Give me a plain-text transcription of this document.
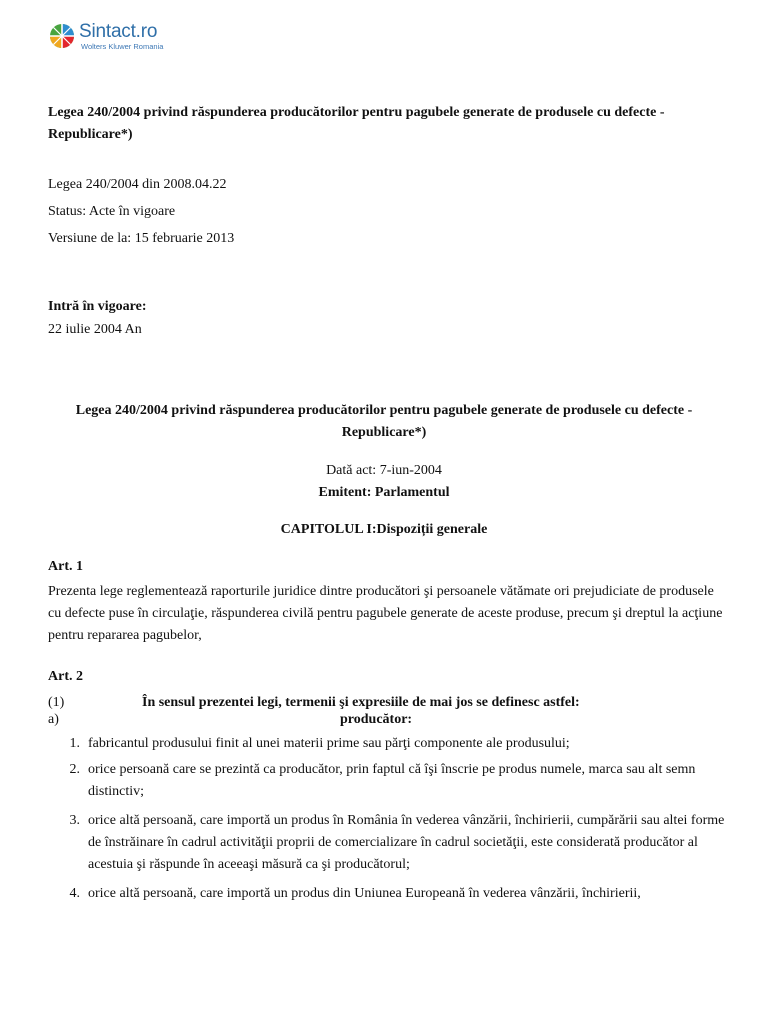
Sintact.ro
Wolters Kluwer Romania
Legea 240/2004 privind răspunderea producătorilor pentru pagubele generate de produsele cu defecte - Republicare*)
Legea 240/2004 din 2008.04.22
Status: Acte în vigoare
Versiune de la: 15 februarie 2013
Intră în vigoare:
22 iulie 2004 An
Legea 240/2004 privind răspunderea producătorilor pentru pagubele generate de produsele cu defecte - Republicare*)
Dată act: 7-iun-2004
Emitent: Parlamentul
CAPITOLUL I:Dispoziții generale
Art. 1
Prezenta lege reglementează raporturile juridice dintre producători şi persoanele vătămate ori prejudiciate de produsele cu defecte puse în circulaţie, răspunderea civilă pentru pagubele generate de aceste produse, precum şi dreptul la acţiune pentru repararea pagubelor,
Art. 2
(1)
a)
În sensul prezentei legi, termenii şi expresiile de mai jos se definesc astfel:
producător:
1. fabricantul produsului finit al unei materii prime sau părţi componente ale produsului;
2. orice persoană care se prezintă ca producător, prin faptul că îşi înscrie pe produs numele, marca sau alt semn distinctiv;
3. orice altă persoană, care importă un produs în România în vederea vânzării, închirierii, cumpărării sau altei forme de înstrăinare în cadrul activităţii proprii de comercializare în cadrul societăţii, este considerată producător al acestuia şi răspunde în aceeaşi măsură ca şi producătorul;
4. orice altă persoană, care importă un produs din Uniunea Europeană în vederea vânzării, închirierii,
